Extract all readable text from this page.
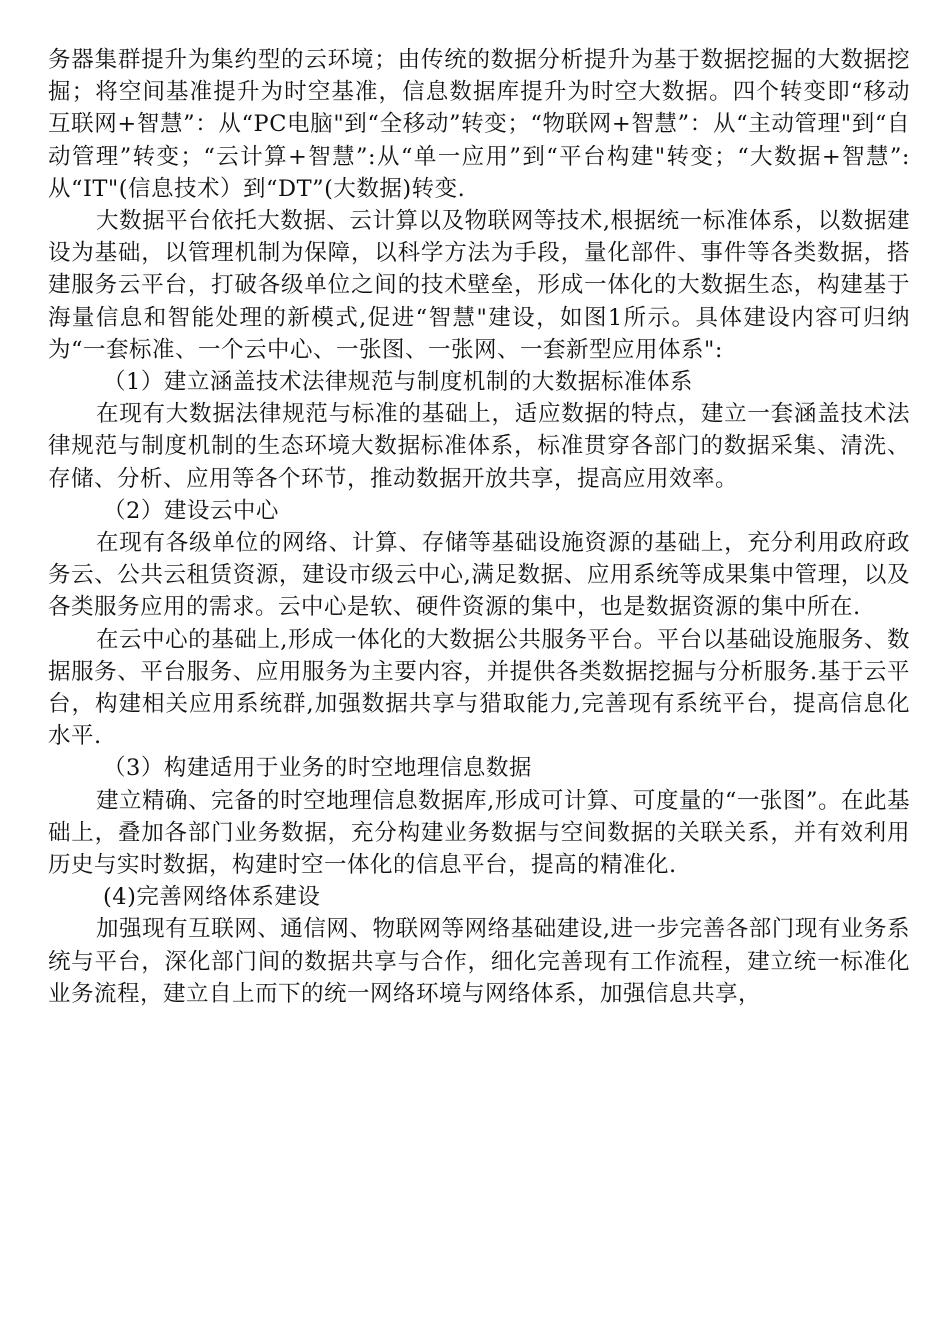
务器集群提升为集约型的云环境；由传统的数据分析提升为基于数据挖掘的大数据挖掘；将空间基准提升为时空基准，信息数据库提升为时空大数据。四个转变即“移动互联网+智慧”：从“PC电脑"到“全移动”转变；“物联网+智慧”：从“主动管理"到“自动管理”转变；“云计算+智慧”:从“单一应用”到“平台构建"转变；“大数据+智慧”:从“IT"(信息技术）到“DT”(大数据)转变.

大数据平台依托大数据、云计算以及物联网等技术,根据统一标准体系，以数据建设为基础，以管理机制为保障，以科学方法为手段，量化部件、事件等各类数据，搭建服务云平台，打破各级单位之间的技术壁垒，形成一体化的大数据生态，构建基于海量信息和智能处理的新模式,促进“智慧"建设，如图1所示。具体建设内容可归纳为“一套标准、一个云中心、一张图、一张网、一套新型应用体系":

（1）建立涵盖技术法律规范与制度机制的大数据标准体系

在现有大数据法律规范与标准的基础上，适应数据的特点，建立一套涵盖技术法律规范与制度机制的生态环境大数据标准体系，标准贯穿各部门的数据采集、清洗、存储、分析、应用等各个环节，推动数据开放共享，提高应用效率。

（2）建设云中心

在现有各级单位的网络、计算、存储等基础设施资源的基础上，充分利用政府政务云、公共云租赁资源，建设市级云中心,满足数据、应用系统等成果集中管理，以及各类服务应用的需求。云中心是软、硬件资源的集中，也是数据资源的集中所在.

在云中心的基础上,形成一体化的大数据公共服务平台。平台以基础设施服务、数据服务、平台服务、应用服务为主要内容，并提供各类数据挖掘与分析服务.基于云平台，构建相关应用系统群,加强数据共享与猎取能力,完善现有系统平台，提高信息化水平.

（3）构建适用于业务的时空地理信息数据

建立精确、完备的时空地理信息数据库,形成可计算、可度量的“一张图”。在此基础上，叠加各部门业务数据，充分构建业务数据与空间数据的关联关系，并有效利用历史与实时数据，构建时空一体化的信息平台，提高的精准化.

(4)完善网络体系建设

加强现有互联网、通信网、物联网等网络基础建设,进一步完善各部门现有业务系统与平台，深化部门间的数据共享与合作，细化完善现有工作流程，建立统一标准化业务流程，建立自上而下的统一网络环境与网络体系，加强信息共享，
